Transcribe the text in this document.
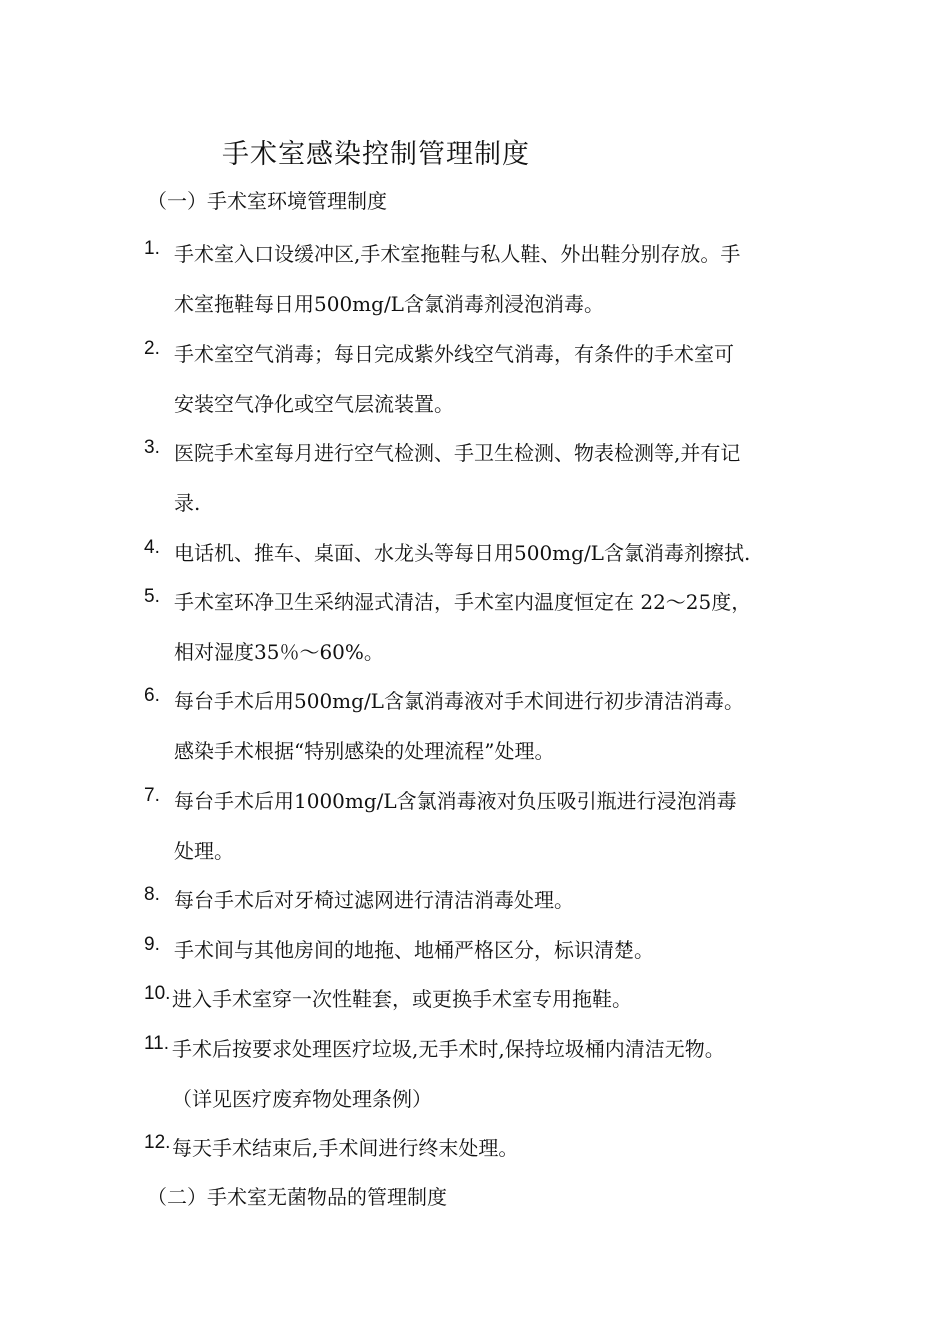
手术室感染控制管理制度
（一）手术室环境管理制度
1. 手术室入口设缓冲区,手术室拖鞋与私人鞋、外出鞋分别存放。手
术室拖鞋每日用500mg/L含氯消毒剂浸泡消毒。
2. 手术室空气消毒；每日完成紫外线空气消毒，有条件的手术室可
安装空气净化或空气层流装置。
3. 医院手术室每月进行空气检测、手卫生检测、物表检测等,并有记
录.
4. 电话机、推车、桌面、水龙头等每日用500mg/L含氯消毒剂擦拭.
5. 手术室环净卫生采纳湿式清洁，手术室内温度恒定在 22～25度，
相对湿度35％～60%。
6. 每台手术后用500mg/L含氯消毒液对手术间进行初步清洁消毒。
感染手术根据“特别感染的处理流程”处理。
7. 每台手术后用1000mg/L含氯消毒液对负压吸引瓶进行浸泡消毒
处理。
8. 每台手术后对牙椅过滤网进行清洁消毒处理。
9. 手术间与其他房间的地拖、地桶严格区分，标识清楚。
10. 进入手术室穿一次性鞋套，或更换手术室专用拖鞋。
11. 手术后按要求处理医疗垃圾,无手术时,保持垃圾桶内清洁无物。
（详见医疗废弃物处理条例）
12. 每天手术结束后,手术间进行终末处理。
（二）手术室无菌物品的管理制度
